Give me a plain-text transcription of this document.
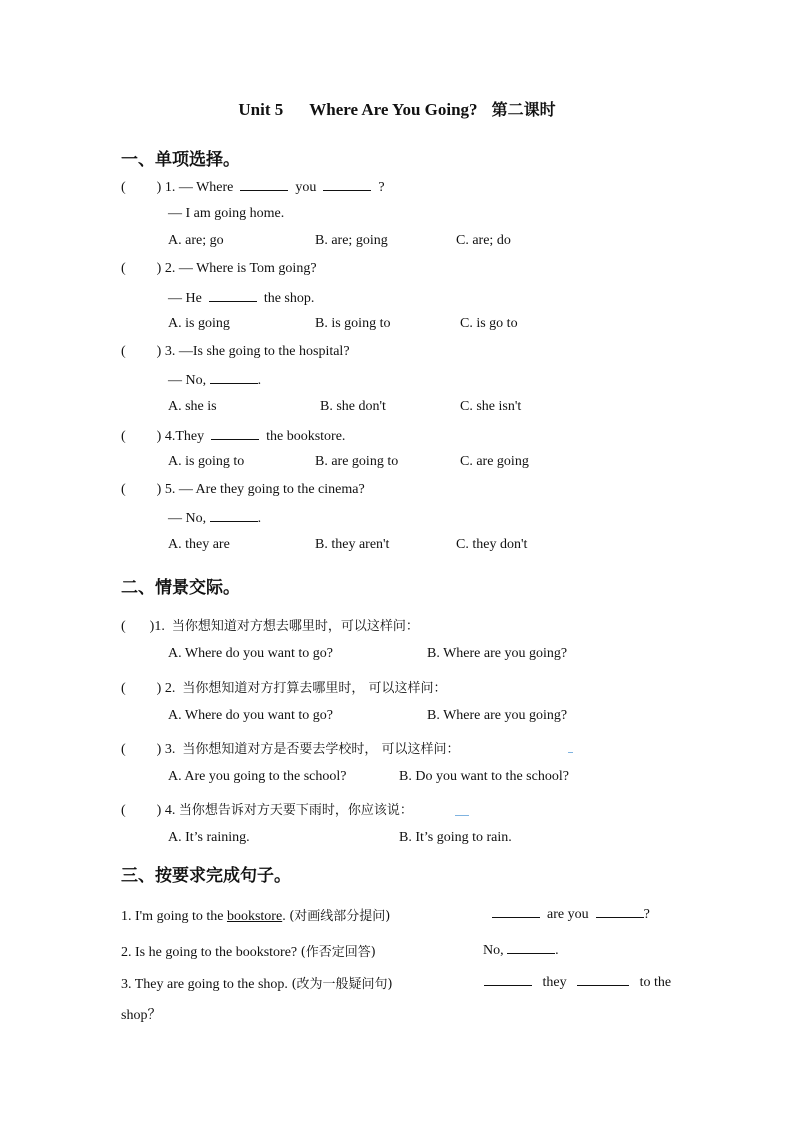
Unit 5 Where Are You Going? 第二课时
一、单项选择。
( ) 1. — Where	you	?
— I am going home.
A. are; go	B. are; going	C. are; do
( ) 2. — Where is Tom going?
— He	the shop.
A. is going	B. is going to	C. is go to
( ) 3. —Is she going to the hospital?
— No,	.
A. she is	B. she don't	C. she isn't
( ) 4.They	the bookstore.
A. is going to	B. are going to	C. are going
( ) 5. — Are they going to the cinema?
— No,	.
A. they are	B. they aren't	C. they don't
二、情景交际。
( )1. 当你想知道对方想去哪里时，可以这样问：
A. Where do you want to go?	B. Where are you going?
( ) 2. 当你想知道对方打算去哪里时， 可以这样问：
A. Where do you want to go?	B. Where are you going?
( ) 3. 当你想知道对方是否要去学校时， 可以这样问：
A. Are you going to the school?	B. Do you want to the school?
( ) 4. 当你想告诉对方天要下雨时，你应该说：
A. It’s raining.	B. It’s going to rain.
三、按要求完成句子。
1. I'm going to the bookstore. (对画线部分提问)	are you	?
2. Is he going to the bookstore? (作否定回答)	No,	.
3. They are going to the shop. (改为一般疑问句)	they	to the
shop？
